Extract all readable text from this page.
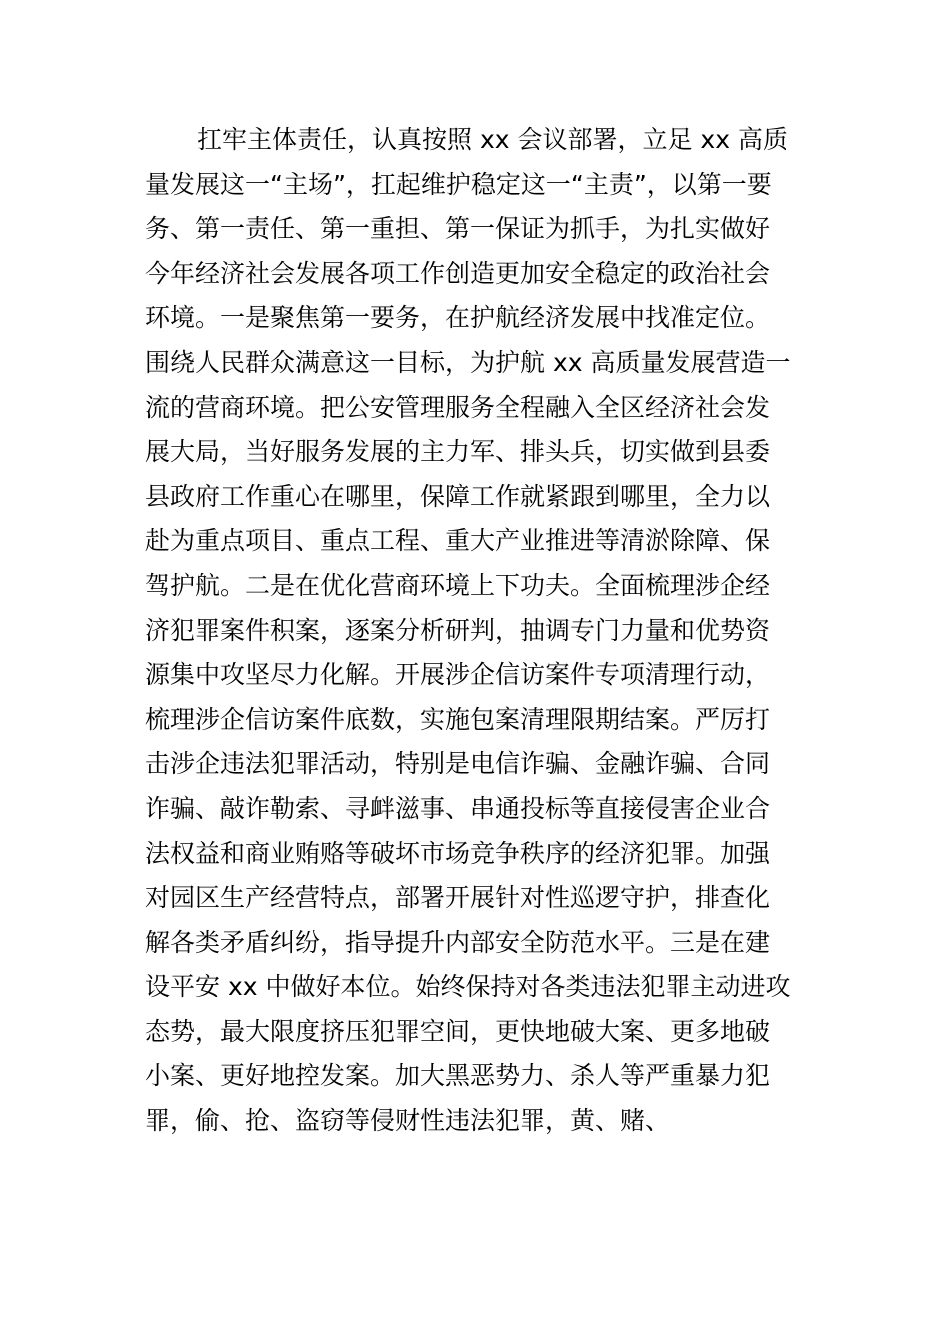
扛牢主体责任，认真按照 xx 会议部署，立足 xx 高质
量发展这一“主场”，扛起维护稳定这一“主责”，以第一要
务、第一责任、第一重担、第一保证为抓手，为扎实做好
今年经济社会发展各项工作创造更加安全稳定的政治社会
环境。一是聚焦第一要务，在护航经济发展中找准定位。
围绕人民群众满意这一目标，为护航 xx 高质量发展营造一
流的营商环境。把公安管理服务全程融入全区经济社会发
展大局，当好服务发展的主力军、排头兵，切实做到县委
县政府工作重心在哪里，保障工作就紧跟到哪里，全力以
赴为重点项目、重点工程、重大产业推进等清淤除障、保
驾护航。二是在优化营商环境上下功夫。全面梳理涉企经
济犯罪案件积案，逐案分析研判，抽调专门力量和优势资
源集中攻坚尽力化解。开展涉企信访案件专项清理行动，
梳理涉企信访案件底数，实施包案清理限期结案。严厉打
击涉企违法犯罪活动，特别是电信诈骗、金融诈骗、合同
诈骗、敲诈勒索、寻衅滋事、串通投标等直接侵害企业合
法权益和商业贿赂等破坏市场竞争秩序的经济犯罪。加强
对园区生产经营特点，部署开展针对性巡逻守护，排查化
解各类矛盾纠纷，指导提升内部安全防范水平。三是在建
设平安 xx 中做好本位。始终保持对各类违法犯罪主动进攻
态势，最大限度挤压犯罪空间，更快地破大案、更多地破
小案、更好地控发案。加大黑恶势力、杀人等严重暴力犯
罪，偷、抢、盗窃等侵财性违法犯罪，黄、赌、
